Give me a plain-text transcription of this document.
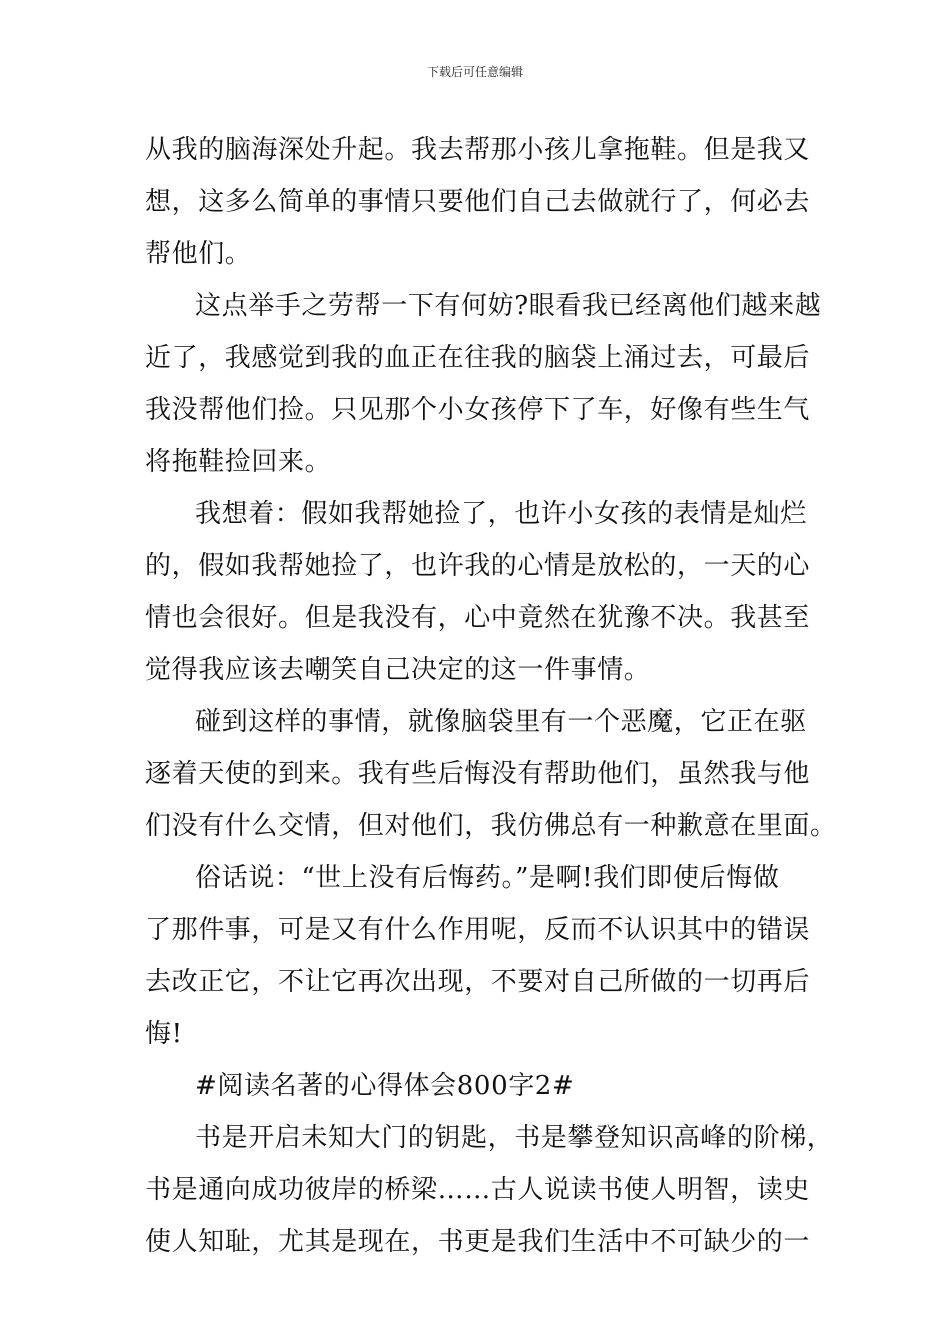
下载后可任意编辑
从我的脑海深处升起。我去帮那小孩儿拿拖鞋。但是我又
想，这多么简单的事情只要他们自己去做就行了，何必去
帮他们。
这点举手之劳帮一下有何妨?眼看我已经离他们越来越
近了，我感觉到我的血正在往我的脑袋上涌过去，可最后
我没帮他们捡。只见那个小女孩停下了车，好像有些生气
将拖鞋捡回来。
我想着：假如我帮她捡了，也许小女孩的表情是灿烂
的，假如我帮她捡了，也许我的心情是放松的，一天的心
情也会很好。但是我没有，心中竟然在犹豫不决。我甚至
觉得我应该去嘲笑自己决定的这一件事情。
碰到这样的事情，就像脑袋里有一个恶魔，它正在驱
逐着天使的到来。我有些后悔没有帮助他们，虽然我与他
们没有什么交情，但对他们，我仿佛总有一种歉意在里面。
俗话说：“世上没有后悔药。”是啊!我们即使后悔做
了那件事，可是又有什么作用呢，反而不认识其中的错误
去改正它，不让它再次出现，不要对自己所做的一切再后
悔!
#阅读名著的心得体会800字2#
书是开启未知大门的钥匙，书是攀登知识高峰的阶梯，
书是通向成功彼岸的桥梁……古人说读书使人明智，读史
使人知耻，尤其是现在，书更是我们生活中不可缺少的一
